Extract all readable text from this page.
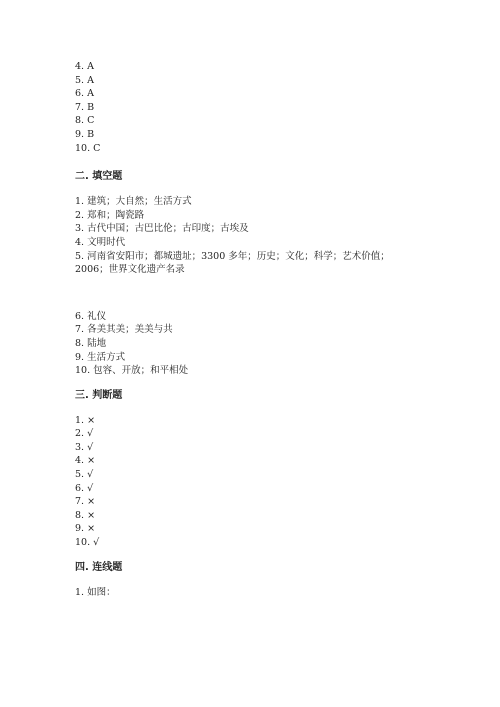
4. A
5. A
6. A
7. B
8. C
9. B
10. C
二. 填空题
1. 建筑；大自然；生活方式
2. 郑和；陶瓷路
3. 古代中国；古巴比伦；古印度；古埃及
4. 文明时代
5. 河南省安阳市；都城遗址；3300 多年；历史；文化；科学；艺术价值；
2006；世界文化遗产名录
6. 礼仪
7. 各美其美；美美与共
8. 陆地
9. 生活方式
10. 包容、开放；和平相处
三. 判断题
1. ×
2. √
3. √
4. ×
5. √
6. √
7. ×
8. ×
9. ×
10. √
四. 连线题
1. 如图：
